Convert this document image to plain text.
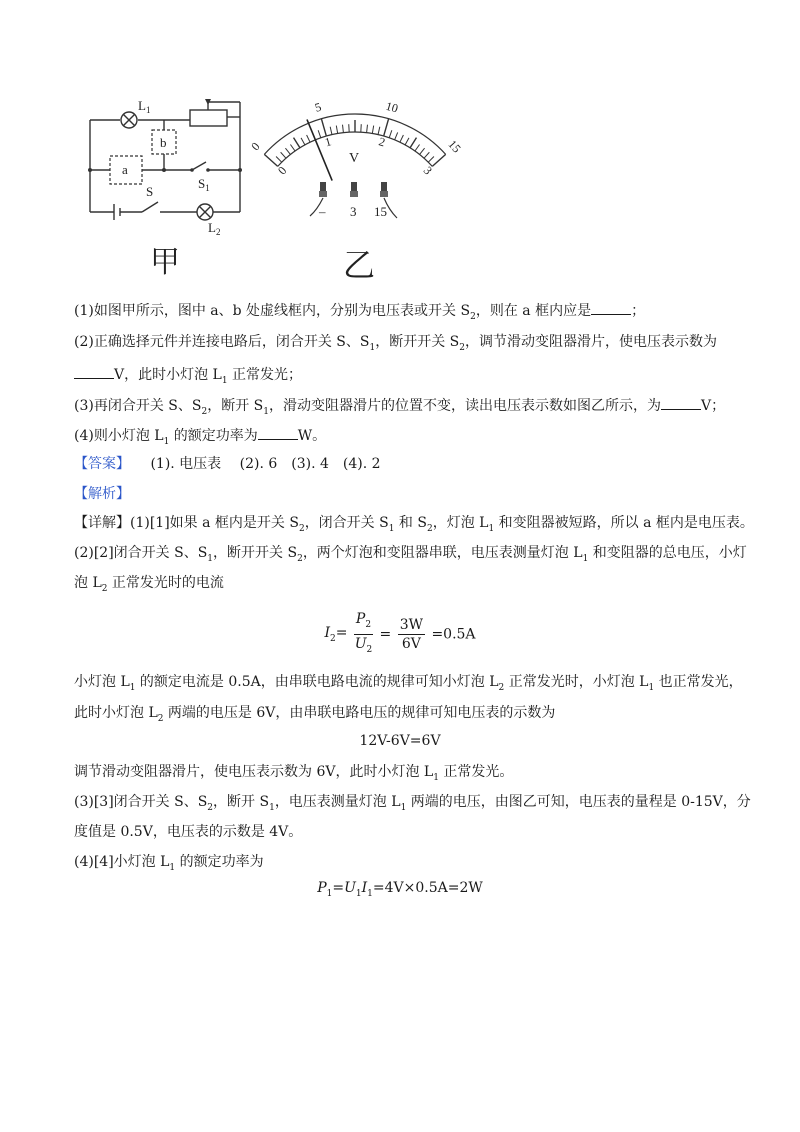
$L_1$
b
a
$S_1$
S
$L_2$
甲
0
5	10
15
0
1	2
3
V
– 3 15
乙
(1)如图甲所示，图中 a、b 处虚线框内，分别为电压表或开关 $S_2$，则在 a 框内应是	；
(2)正确选择元件并连接电路后，闭合开关 S、$S_1$，断开开关 $S_2$，调节滑动变阻器滑片，使电压表示数为
V，此时小灯泡 $L_1$ 正常发光；
(3)再闭合开关 S、$S_2$，断开 $S_1$，滑动变阻器滑片的位置不变，读出电压表示数如图乙所示，为	V；
(4)则小灯泡 $L_1$ 的额定功率为	W。
【答案】 (1). 电压表　 (2). 6　(3). 4　(4). 2
【解析】
【详解】(1)[1]如果 a 框内是开关 $S_2$，闭合开关 $S_1$ 和 $S_2$，灯泡 $L_1$ 和变阻器被短路，所以 a 框内是电压表。
(2)[2]闭合开关 S、$S_1$，断开开关 $S_2$，两个灯泡和变阻器串联，电压表测量灯泡 $L_1$ 和变阻器的总电压，小灯
泡 $L_2$ 正常发光时的电流
$I_2= \frac{P_2}{U_2} = \frac{3W}{6V} =0.5A$
小灯泡 $L_1$ 的额定电流是 0.5A，由串联电路电流的规律可知小灯泡 $L_2$ 正常发光时，小灯泡 $L_1$ 也正常发光，
此时小灯泡 $L_2$ 两端的电压是 6V，由串联电路电压的规律可知电压表的示数为
12V-6V=6V
调节滑动变阻器滑片，使电压表示数为 6V，此时小灯泡 $L_1$ 正常发光。
(3)[3]闭合开关 S、$S_2$，断开 $S_1$，电压表测量灯泡 $L_1$ 两端的电压，由图乙可知，电压表的量程是 0-15V，分
度值是 0.5V，电压表的示数是 4V。
(4)[4]小灯泡 $L_1$ 的额定功率为
$P_1=U_1I_1=4V\times 0.5A=2W$
